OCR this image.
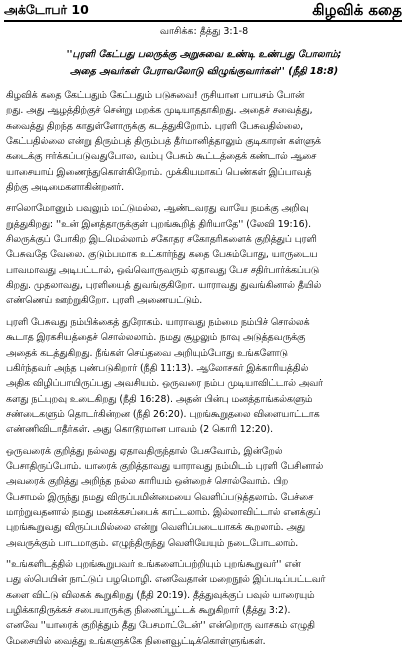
அக்டோபர் 10	கிழவிக் கதை
வாசிக்க: தீத்து 3:1-8
''புரளி கேட்பது பலருக்கு அறுசுவை உண்டி உண்பது போலாம்;
அதை அவர்கள் பேராவலோடு விழுங்குவார்கள்'' (நீதி 18:8)
கிழவிக் கதை கேட்பதும் கேட்பதும் படுசுவை! ருசியான பாயசம் போன்
றது. அது ஆழத்திற்குச் சென்று மறக்க முடியாததாகிறது. அதைச் சவைத்து,
சுவைத்து திறந்த காதுள்ளோருக்கு கடத்துகிறோம். புரளி பேசுவதில்லை,
கேட்பதில்லை என்று திரும்பத் திரும்பத் தீர்மானித்தாலும் குடிகாரன் கள்ளுக்
கடைக்கு ஈர்க்கப்படுவதுபோல, வம்பு பேசும் கூட்டத்தைக் கண்டால் ஆசை
யாசையாய் இணைந்துகொள்கிறோம். முக்கியமாகப் பெண்கள் இப்பாவத்
திற்கு அடிமைகளாகின்றனர்.
சாலொமோனும் பவுலும் மட்டுமல்ல, ஆண்டவரது வாயே நமக்கு அறிவு
றுத்துகிறது: ''உன் இனத்தாருக்குள் புறங்கூறித் திரியாதே'' (லேவி 19:16).
சிலருக்குப் போகிற இடமெல்லாம் சகோதர சகோதரிகளைக் குறித்துப் புரளி
பேசுவதே வேலை. குடும்பமாக உட்கார்ந்து கதை பேசும்போது, யாருடைய
பாவமாவது அடிபட்டால், ஒவ்வொருவரும் ஏதாவது பேச சதிர்பார்க்கப்படு
கிறது. முதலாவது, புரளியைத் துவங்குகிறோ. யாராவது துவங்கினால் தீயில்
எண்ணெய் ஊற்றுகிறோ. புரளி அணையட்டும்.
புரளி பேசுவது நம்பிக்கைத் துரோகம். யாராவது நம்மை நம்பிச் சொல்லக்
கூடாத இரகசியத்தைச் சொல்லலாம். நமது சூழலும் நாவு அடுத்தவருக்கு
அதைக் கடத்துகிறது. நீங்கள் செய்தவை அறியும்போது உங்களோடு
பகிர்ந்தவர் அந்த புண்படுகிறார் (நீதி 11:13). ஆலோசகர் இக்காரியத்தில்
அதிக விழிப்பாயிருப்பது அவசியம். ஒருவரை நம்ப முடியாவிட்டால் அவர்
களது நட்புறவு உடைகிறது (நீதி 16:28). அதன் பின்பு மனத்தாங்கல்களும்
சண்டைகளும் தொடர்கின்றன (நீதி 26:20). புறங்கூறுதலை விளையாட்டாக
எண்ணிவிடாதீர்கள். அது கொடூரமான பாவம் (2 கொரி 12:20).
ஒருவரைக் குறித்து நல்லது ஏதாவதிருந்தால் பேசுவோம், இன்றேல்
பேசாதிருப்போம். யாரைக் குறித்தாவது யாராவது நம்மிடம் புரளி பேசினால்
அவரைக் குறித்து அறிந்த நல்ல காரியம் ஒன்றைச் சொல்வோம். பிற
பேசாமல் இருந்து நமது விருப்பமின்மையை வெளிப்படுத்தலாம். பேச்சை
மாற்றுவதனால் நமது மனக்கசப்பைக் காட்டலாம். இல்லாவிட்டால் எனக்குப்
புறங்கூறுவது விருப்பமில்லை என்று வெளிப்படையாகக் கூறலாம். அது
அவருக்கும் பாடமாகும். எழுந்திருந்து வெளியேயும் நடைபோடலாம்.
''உங்களிடத்தில் புறங்கூறுபவர் உங்களைப்பற்றியும் புறங்கூறுவர்'' என்
பது ஸ்பெயின் நாட்டுப் பழமொழி. எனவேதான் மறைநூல் இப்படிப்பட்டவர்
களை விட்டு விலகக் கூறுகிறது (நீதி 20:19). தீத்துவுக்குப் பவுல் யாரையும்
பழிக்காதிருக்கச் சபையாருக்கு நினைப்பூட்டக் கூறுகிறார் (தீத்து 3:2).
எனவே ''யாரைக் குறித்தும் தீது பேசமாட்டேன்'' என்றொரு வாசகம் எழுதி
மேசையில் வைத்து உங்களுக்கே நினைவூட்டிக்கொள்ளுங்கள்.
